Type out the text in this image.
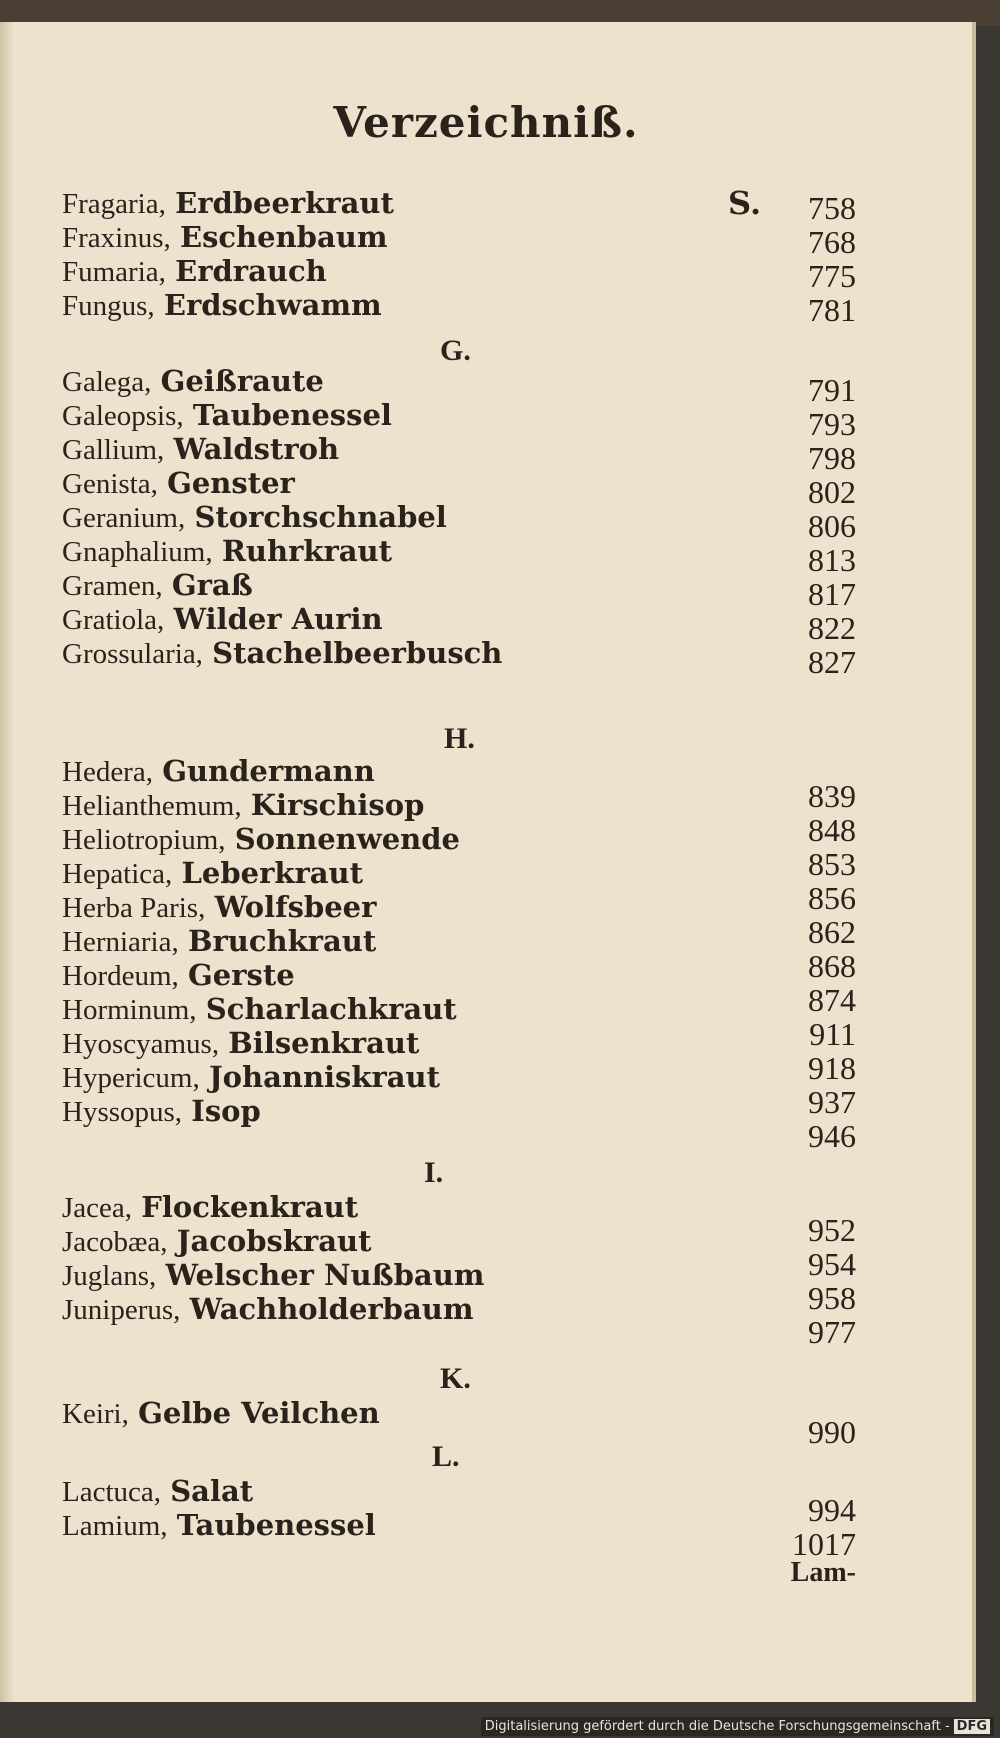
Verzeichniß.
S.
Fragaria, Erdbeerkraut
Fraxinus, Eschenbaum
Fumaria, Erdrauch
Fungus, Erdschwamm
Galega, Geißraute
Galeopsis, Taubenessel
Gallium, Waldstroh
Genista, Genster
Geranium, Storchschnabel
Gnaphalium, Ruhrkraut
Gramen, Graß
Gratiola, Wilder Aurin
Grossularia, Stachelbeerbusch
Hedera, Gundermann
Helianthemum, Kirschisop
Heliotropium, Sonnenwende
Hepatica, Leberkraut
Herba Paris, Wolfsbeer
Herniaria, Bruchkraut
Hordeum, Gerste
Horminum, Scharlachkraut
Hyoscyamus, Bilsenkraut
Hypericum, Johanniskraut
Hyssopus, Isop
Jacea, Flockenkraut
Jacobæa, Jacobskraut
Juglans, Welscher Nußbaum
Juniperus, Wachholderbaum
Keiri, Gelbe Veilchen
Lactuca, Salat
Lamium, Taubenessel
G.
H.
I.
K.
L.
758
768
775
781
791
793
798
802
806
813
817
822
827
839
848
853
856
862
868
874
911
918
937
946
952
954
958
977
990
994
1017
Lam-
Digitalisierung gefördert durch die Deutsche Forschungsgemeinschaft - DFG
